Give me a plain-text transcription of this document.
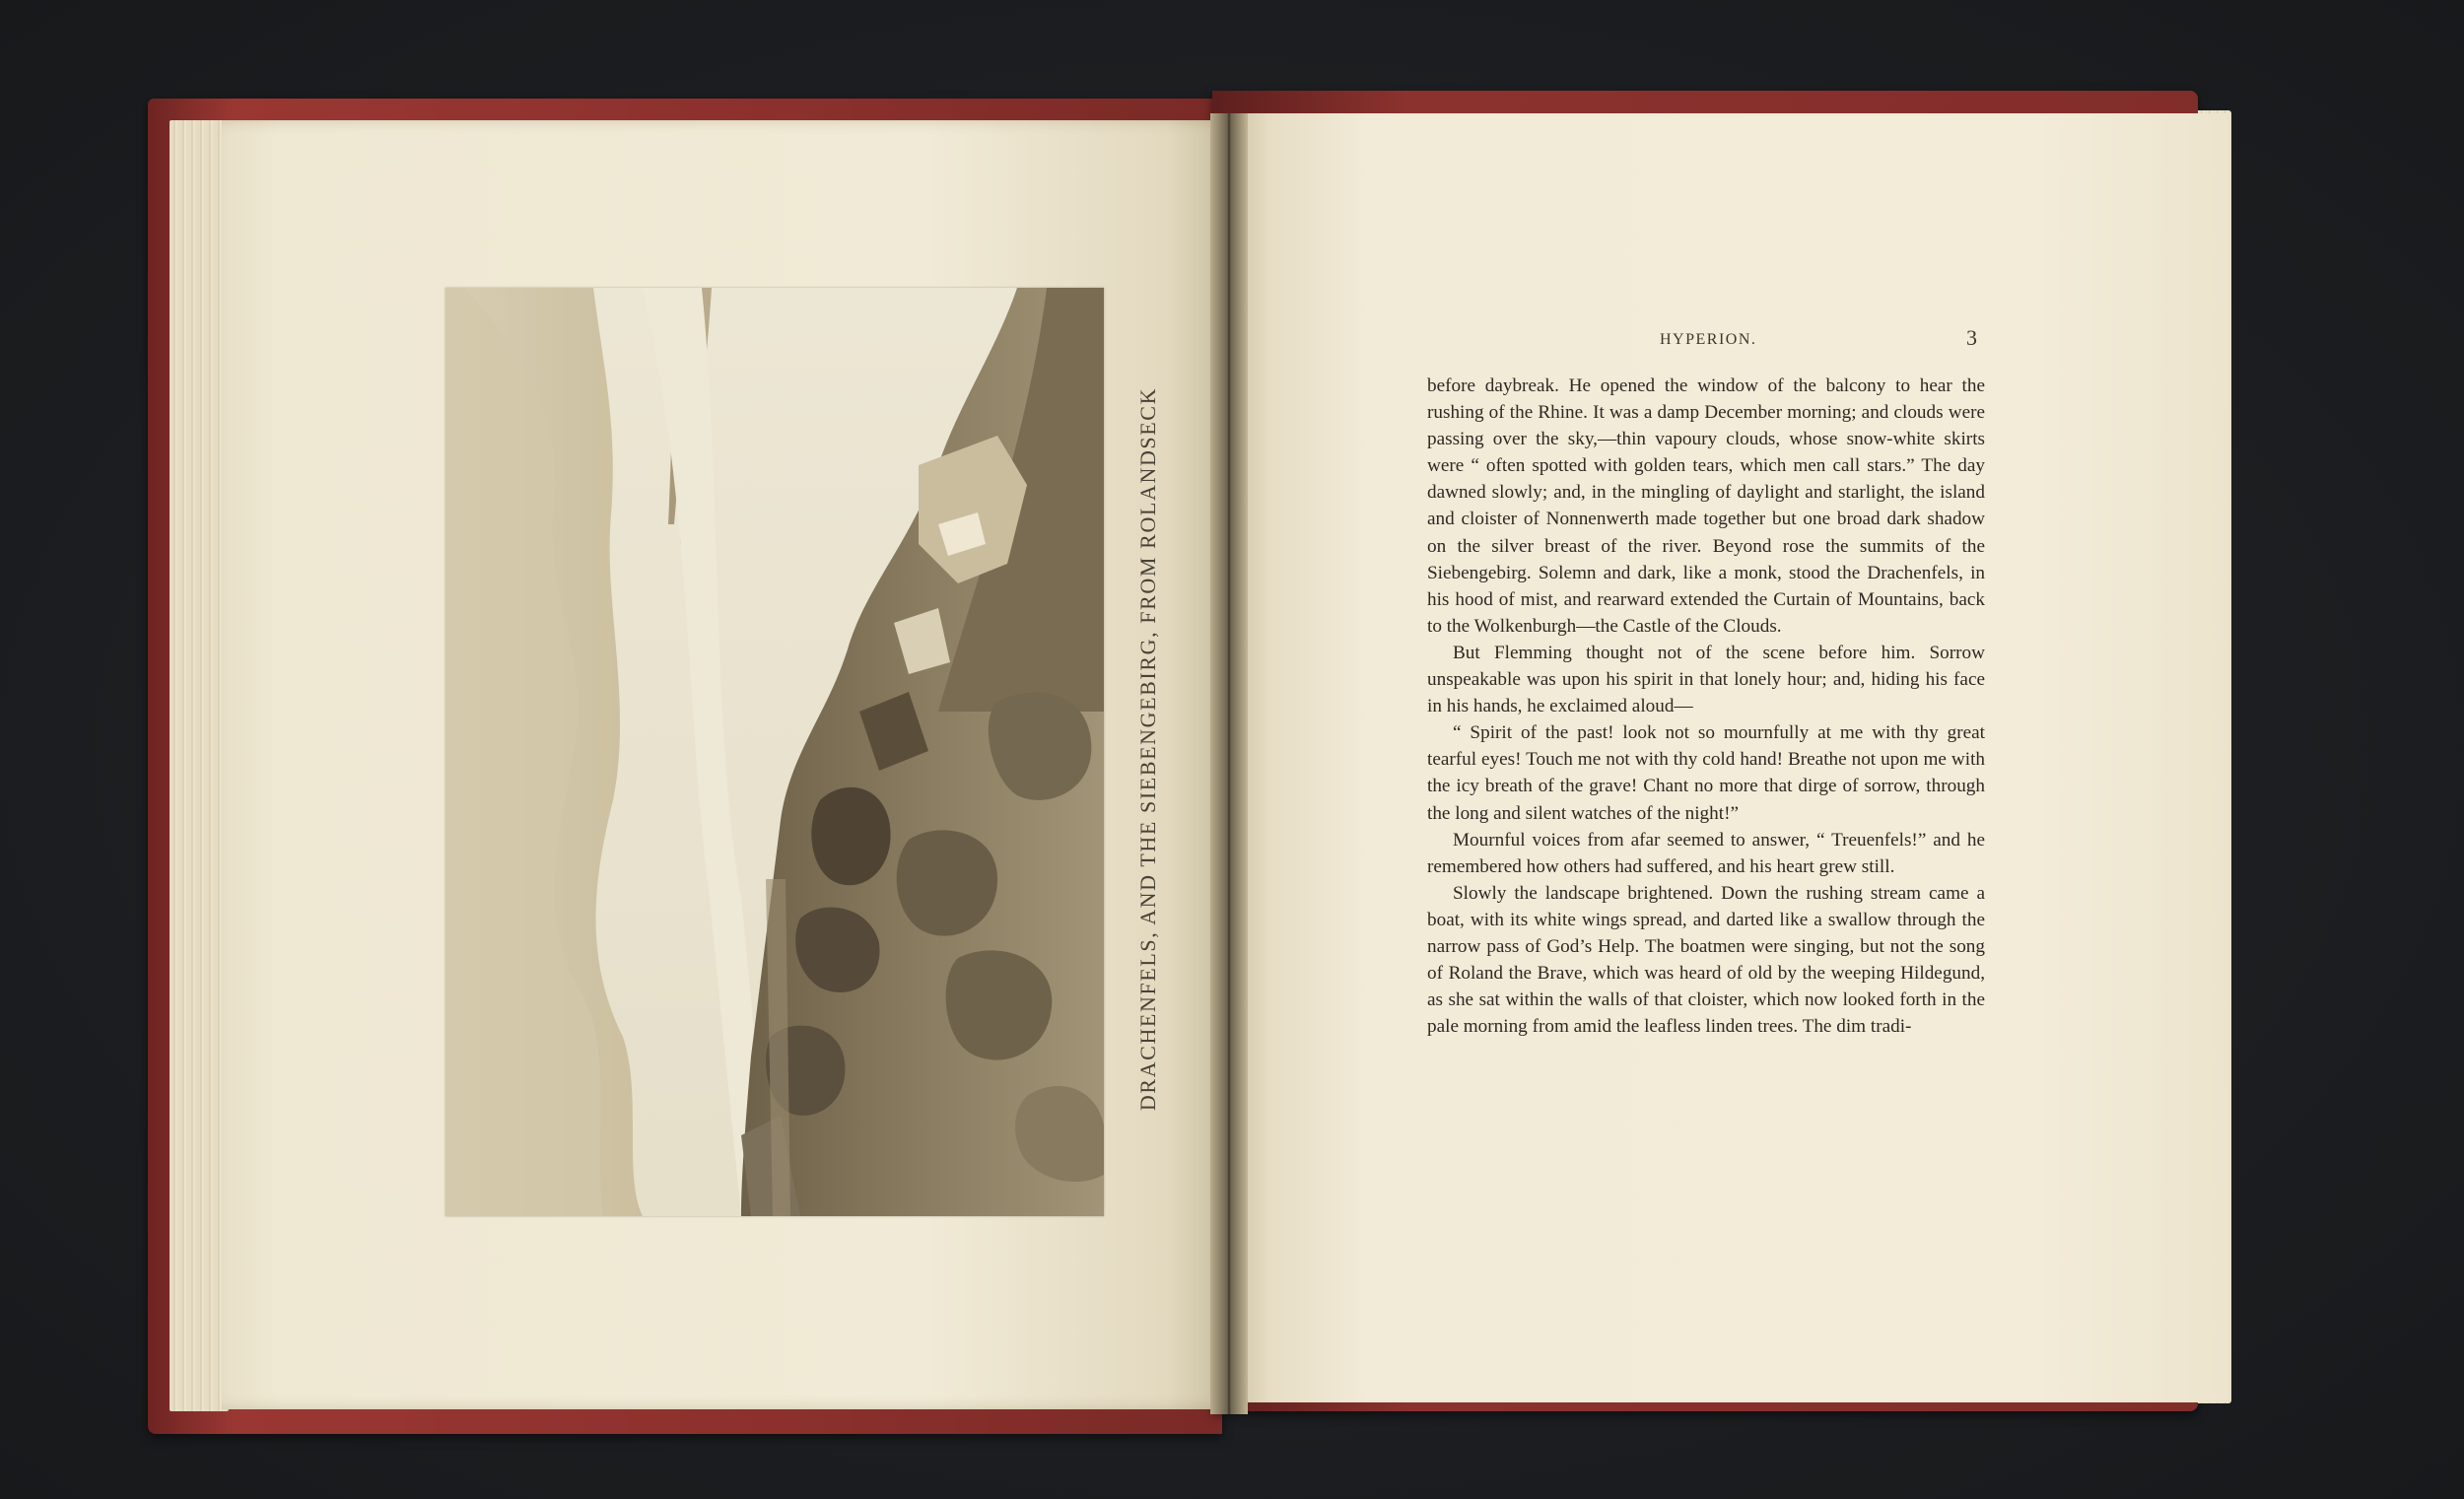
DRACHENFELS, AND THE SIEBENGEBIRG, FROM ROLANDSECK
HYPERION.	3

before daybreak. He opened the window of the balcony to hear the rushing of the Rhine. It was a damp December morning; and clouds were passing over the sky,—thin vapoury clouds, whose snow-white skirts were “ often spotted with golden tears, which men call stars.” The day dawned slowly; and, in the mingling of daylight and starlight, the island and cloister of Nonnenwerth made together but one broad dark shadow on the silver breast of the river. Beyond rose the summits of the Siebengebirg. Solemn and dark, like a monk, stood the Drachenfels, in his hood of mist, and rearward extended the Curtain of Mountains, back to the Wolkenburgh—the Castle of the Clouds.

But Flemming thought not of the scene before him. Sorrow unspeakable was upon his spirit in that lonely hour; and, hiding his face in his hands, he exclaimed aloud—

“ Spirit of the past! look not so mournfully at me with thy great tearful eyes! Touch me not with thy cold hand! Breathe not upon me with the icy breath of the grave! Chant no more that dirge of sorrow, through the long and silent watches of the night!”

Mournful voices from afar seemed to answer, “ Treuenfels!” and he remembered how others had suffered, and his heart grew still.

Slowly the landscape brightened. Down the rushing stream came a boat, with its white wings spread, and darted like a swallow through the narrow pass of God’s Help. The boatmen were singing, but not the song of Roland the Brave, which was heard of old by the weeping Hildegund, as she sat within the walls of that cloister, which now looked forth in the pale morning from amid the leafless linden trees. The dim tradi-
